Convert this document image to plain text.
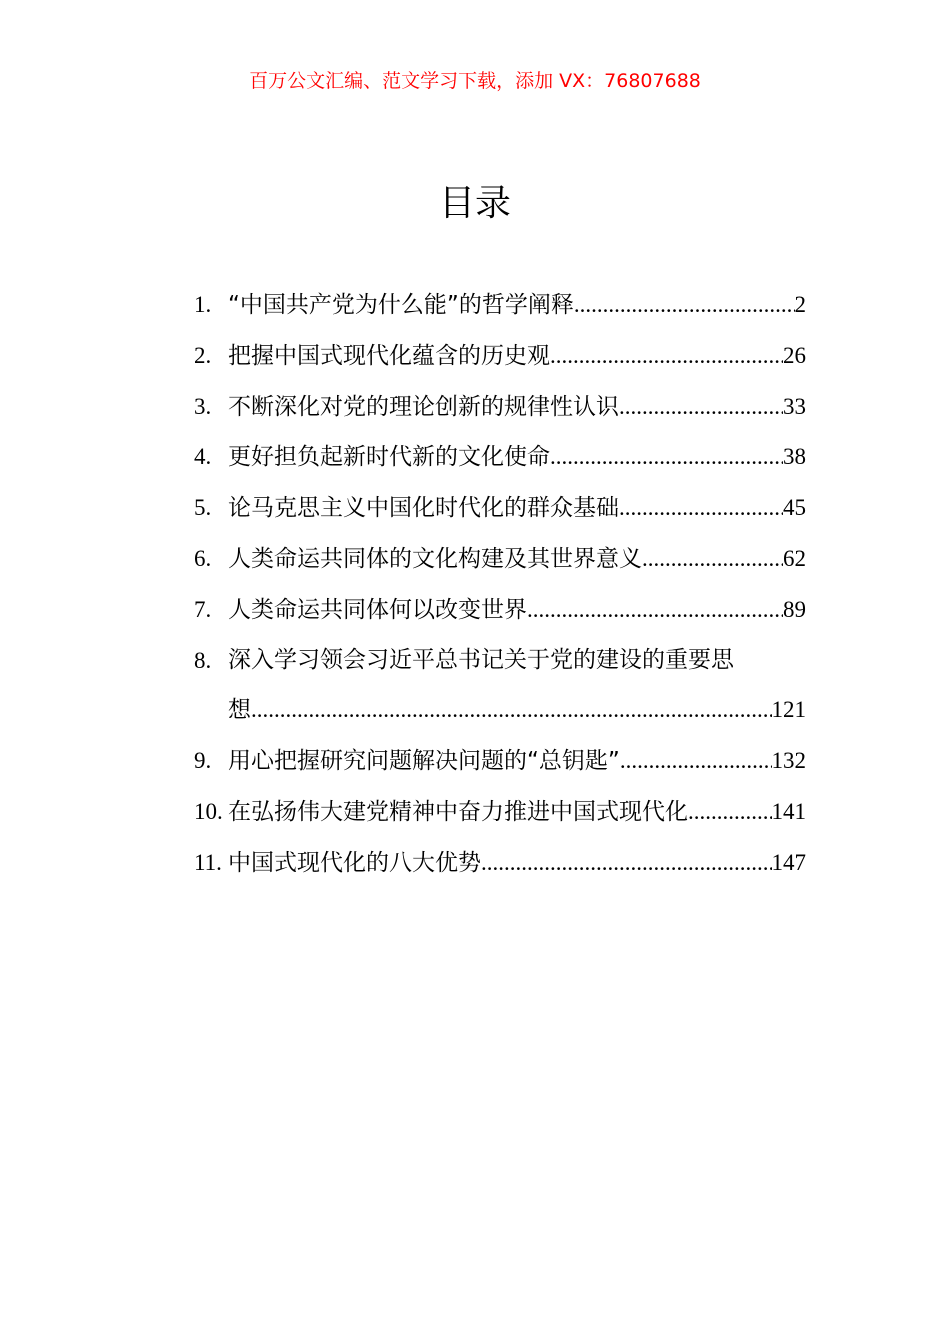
百万公文汇编、范文学习下载，添加 VX：76807688
目录
1. “中国共产党为什么能”的哲学阐释 .....	2
2. 把握中国式现代化蕴含的历史观 .....	26
3. 不断深化对党的理论创新的规律性认识 .....	33
4. 更好担负起新时代新的文化使命 .....	38
5. 论马克思主义中国化时代化的群众基础 .....	45
6. 人类命运共同体的文化构建及其世界意义 .....	62
7. 人类命运共同体何以改变世界 .....	89
8. 深入学习领会习近平总书记关于党的建设的重要思
想 .....	121
9. 用心把握研究问题解决问题的“总钥匙” .....	132
10. 在弘扬伟大建党精神中奋力推进中国式现代化 .....	141
11. 中国式现代化的八大优势 .....	147
